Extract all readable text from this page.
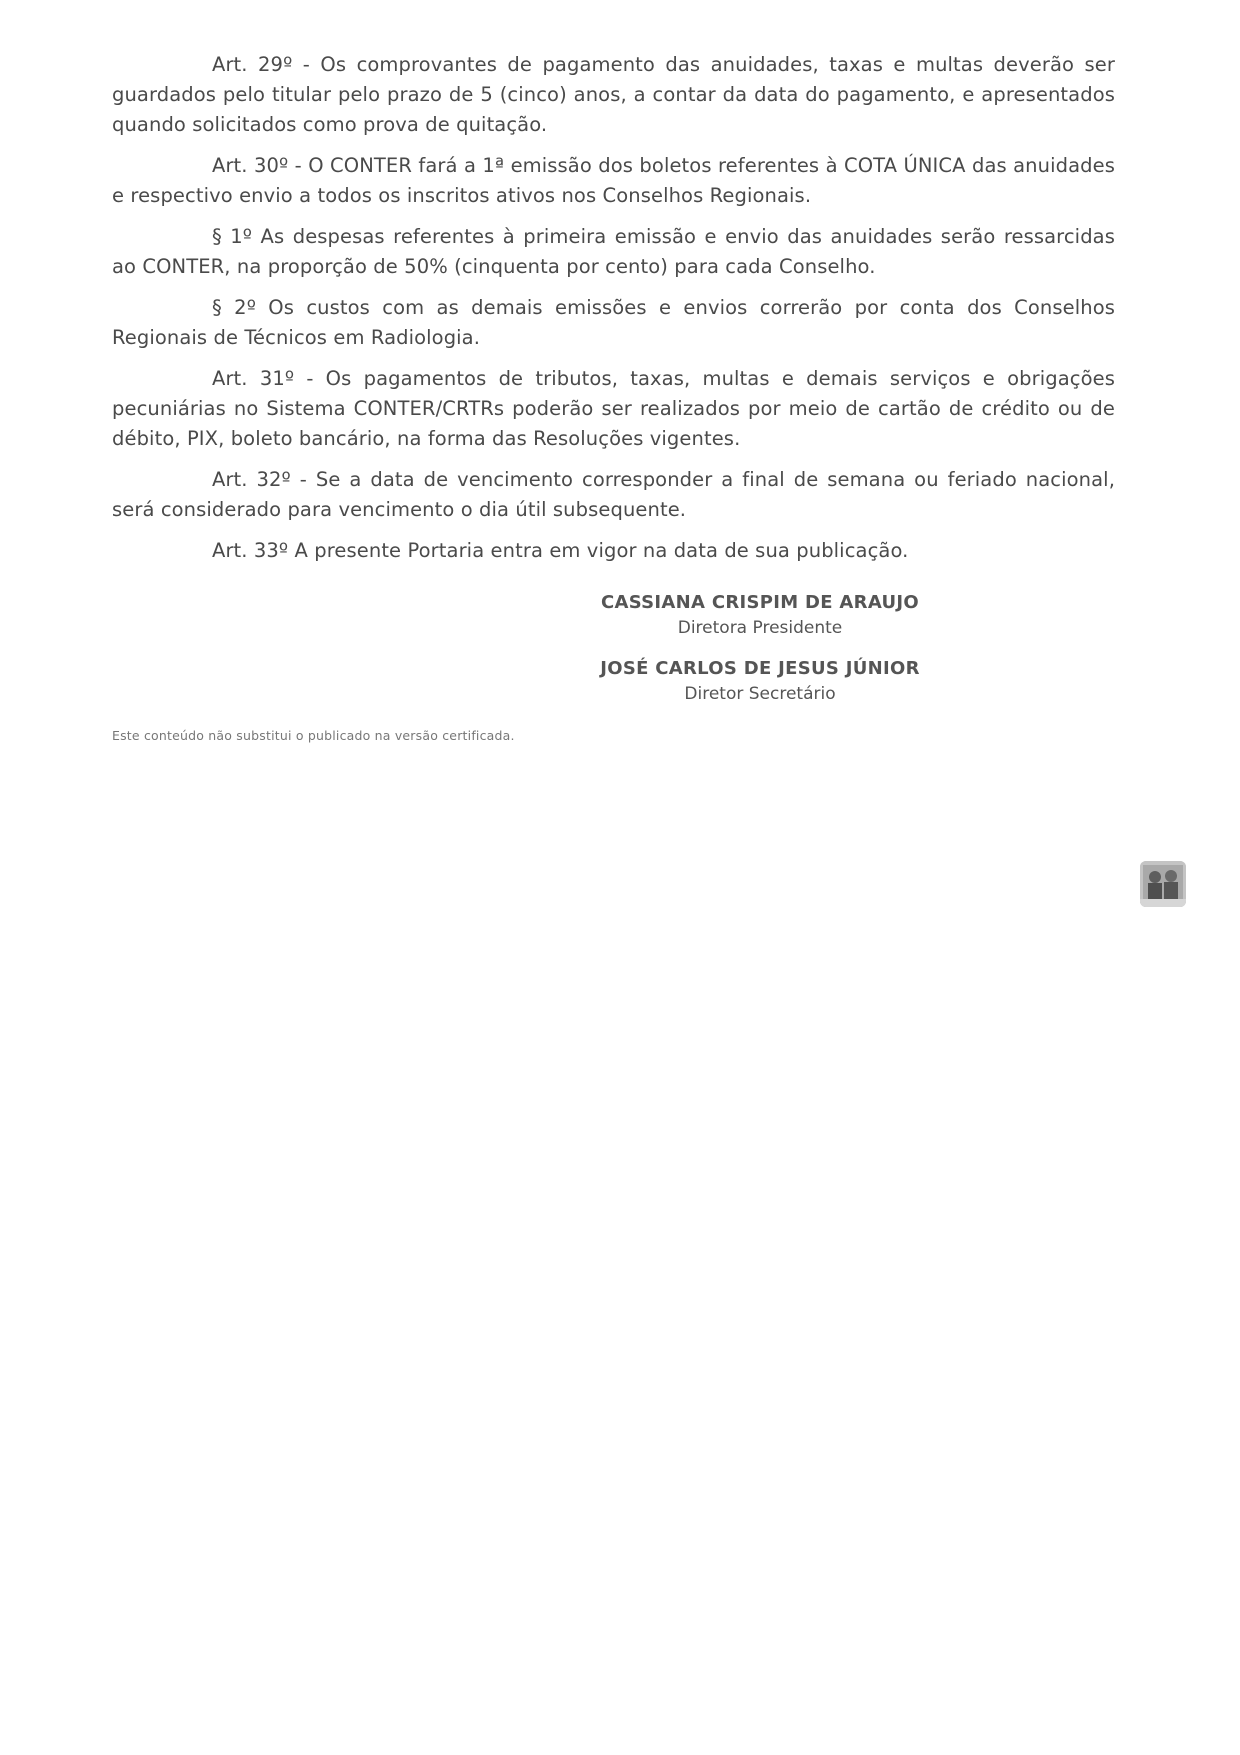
Art. 29º - Os comprovantes de pagamento das anuidades, taxas e multas deverão ser guardados pelo titular pelo prazo de 5 (cinco) anos, a contar da data do pagamento, e apresentados quando solicitados como prova de quitação.

Art. 30º - O CONTER fará a 1ª emissão dos boletos referentes à COTA ÚNICA das anuidades e respectivo envio a todos os inscritos ativos nos Conselhos Regionais.

§ 1º As despesas referentes à primeira emissão e envio das anuidades serão ressarcidas ao CONTER, na proporção de 50% (cinquenta por cento) para cada Conselho.

§ 2º Os custos com as demais emissões e envios correrão por conta dos Conselhos Regionais de Técnicos em Radiologia.

Art. 31º - Os pagamentos de tributos, taxas, multas e demais serviços e obrigações pecuniárias no Sistema CONTER/CRTRs poderão ser realizados por meio de cartão de crédito ou de débito, PIX, boleto bancário, na forma das Resoluções vigentes.

Art. 32º - Se a data de vencimento corresponder a final de semana ou feriado nacional, será considerado para vencimento o dia útil subsequente.

Art. 33º A presente Portaria entra em vigor na data de sua publicação.

CASSIANA CRISPIM DE ARAUJO
Diretora Presidente
JOSÉ CARLOS DE JESUS JÚNIOR
Diretor Secretário
Este conteúdo não substitui o publicado na versão certificada.
